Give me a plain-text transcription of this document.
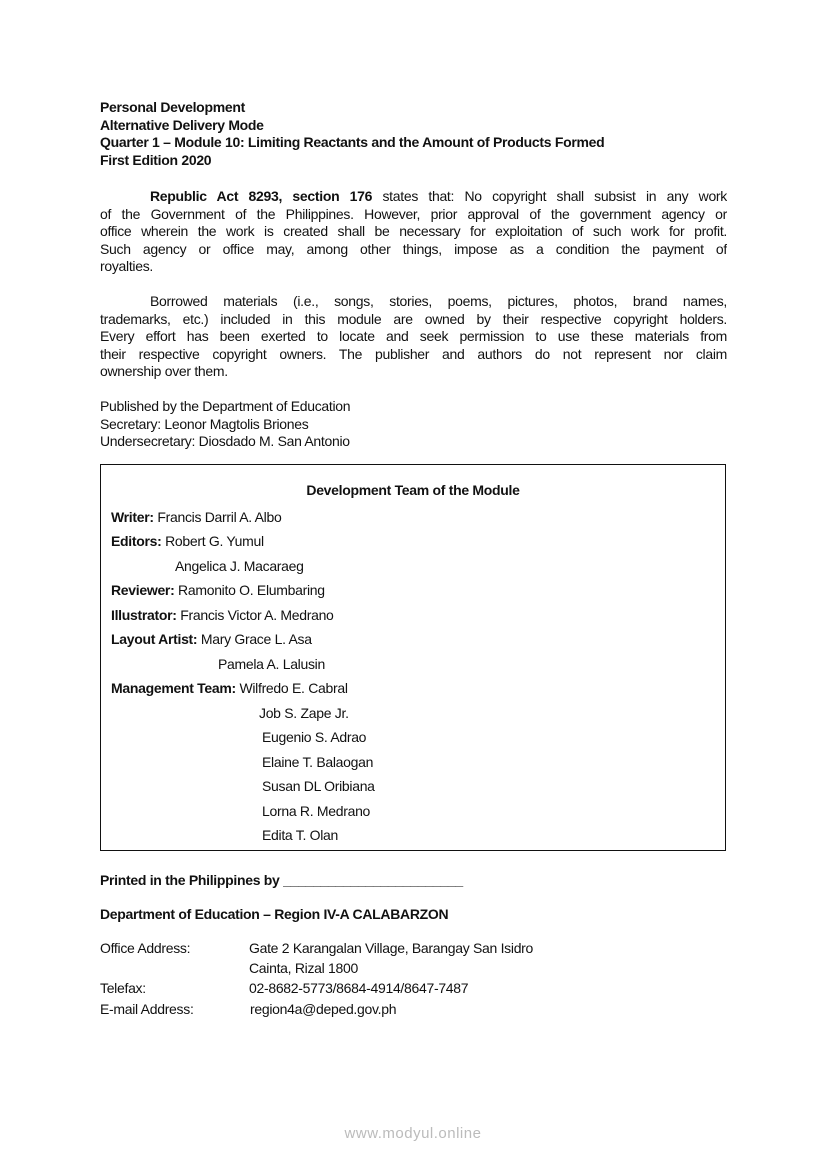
Personal Development
Alternative Delivery Mode
Quarter 1 – Module 10: Limiting Reactants and the Amount of Products Formed
First Edition 2020
Republic Act 8293, section 176 states that: No copyright shall subsist in any work
of the Government of the Philippines. However, prior approval of the government agency or
office wherein the work is created shall be necessary for exploitation of such work for profit.
Such agency or office may, among other things, impose as a condition the payment of
royalties.
Borrowed materials (i.e., songs, stories, poems, pictures, photos, brand names,
trademarks, etc.) included in this module are owned by their respective copyright holders.
Every effort has been exerted to locate and seek permission to use these materials from
their respective copyright owners. The publisher and authors do not represent nor claim
ownership over them.
Published by the Department of Education
Secretary: Leonor Magtolis Briones
Undersecretary: Diosdado M. San Antonio
Development Team of the Module
Writer: Francis Darril A. Albo
Editors: Robert G. Yumul
Angelica J. Macaraeg
Reviewer: Ramonito O. Elumbaring
Illustrator: Francis Victor A. Medrano
Layout Artist: Mary Grace L. Asa
Pamela A. Lalusin
Management Team: Wilfredo E. Cabral
Job S. Zape Jr.
Eugenio S. Adrao
Elaine T. Balaogan
Susan DL Oribiana
Lorna R. Medrano
Edita T. Olan
Printed in the Philippines by ________________________
Department of Education – Region IV-A CALABARZON
Office Address:	Gate 2 Karangalan Village, Barangay San Isidro
Cainta, Rizal 1800
Telefax:	02-8682-5773/8684-4914/8647-7487
E-mail Address:	region4a@deped.gov.ph
www.modyul.online
